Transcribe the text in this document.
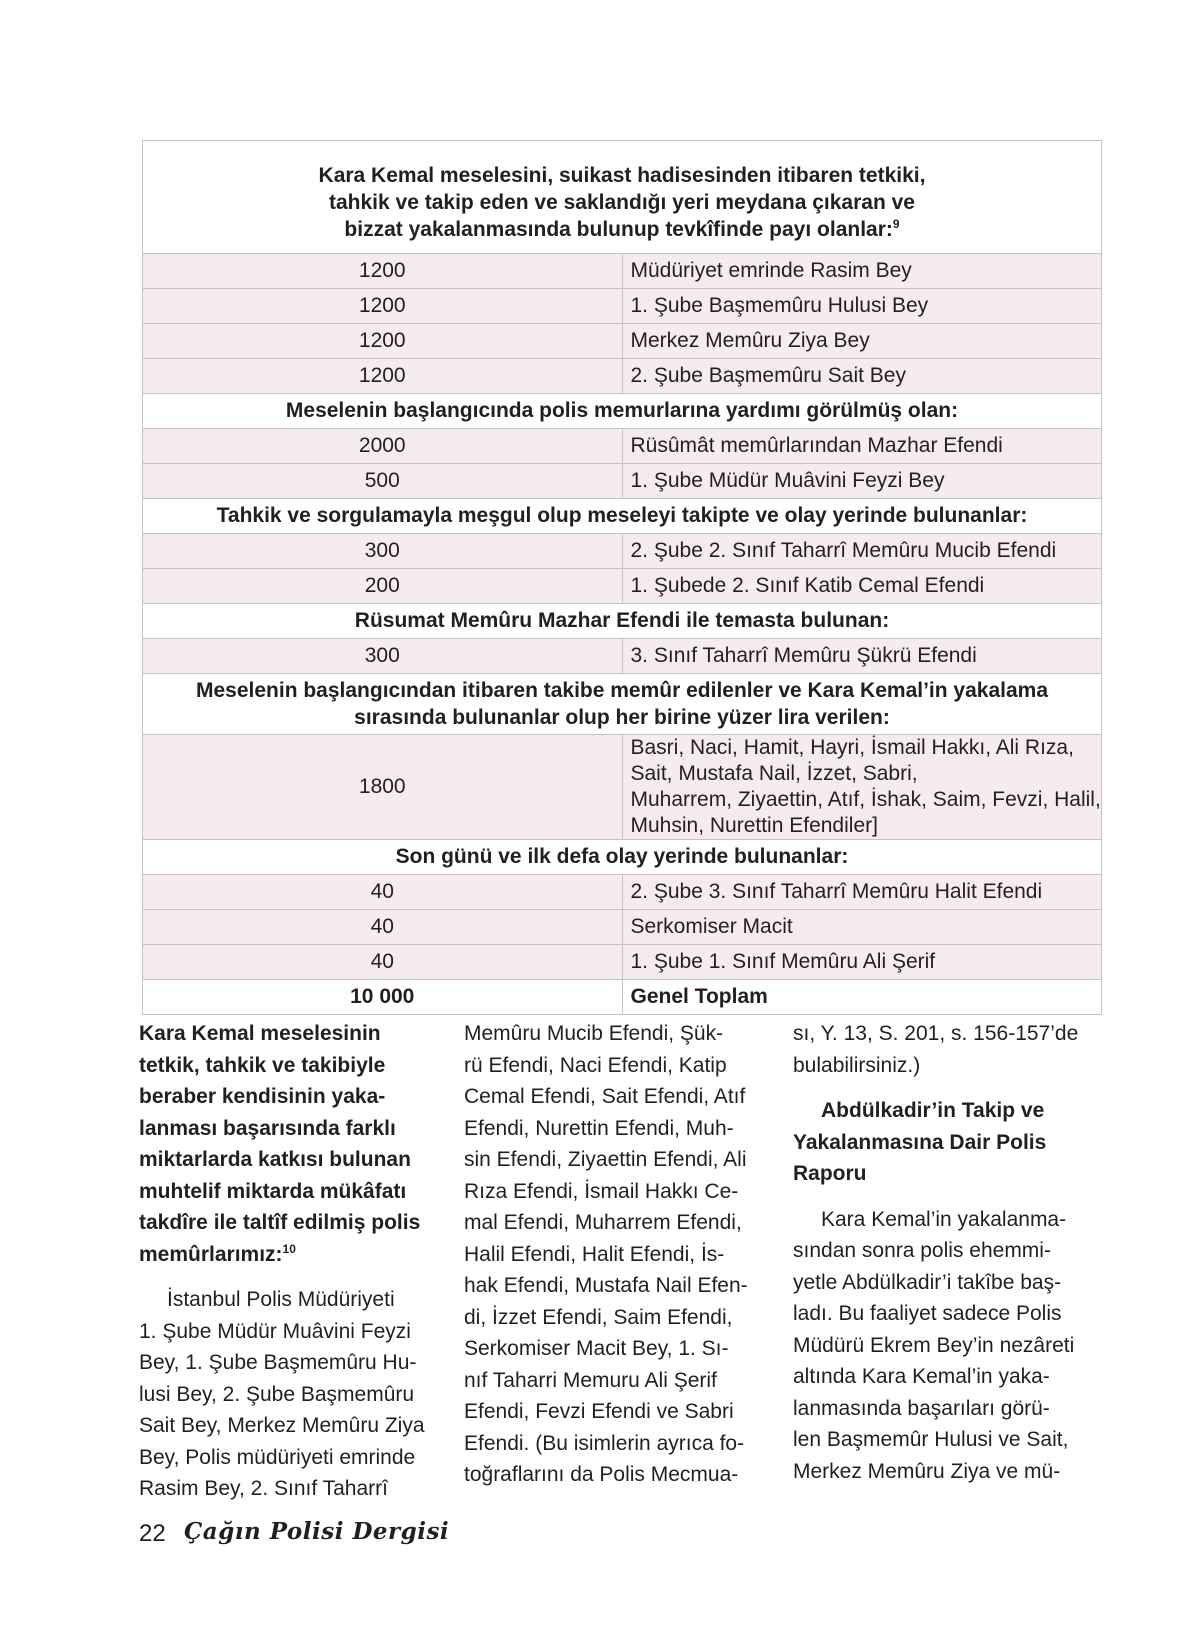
Kara Kemal meselesini, suikast hadisesinden itibaren tetkiki,
tahkik ve takip eden ve saklandığı yeri meydana çıkaran ve
bizzat yakalanmasında bulunup tevkîfinde payı olanlar:$^9$
1200	Müdüriyet emrinde Rasim Bey
1200	1. Şube Başmemûru Hulusi Bey
1200	Merkez Memûru Ziya Bey
1200	2. Şube Başmemûru Sait Bey
Meselenin başlangıcında polis memurlarına yardımı görülmüş olan:	
2000	Rüsûmât memûrlarından Mazhar Efendi
500	1. Şube Müdür Muâvini Feyzi Bey
Tahkik ve sorgulamayla meşgul olup meseleyi takipte ve olay yerinde bulunanlar:	
300	2. Şube 2. Sınıf Taharrî Memûru Mucib Efendi
200	1. Şubede 2. Sınıf Katib Cemal Efendi
Rüsumat Memûru Mazhar Efendi ile temasta bulunan:	
300	3. Sınıf Taharrî Memûru Şükrü Efendi
Meselenin başlangıcından itibaren takibe memûr edilenler ve Kara Kemal’in yakalama
sırasında bulunanlar olup her birine yüzer lira verilen:	
1800	Basri, Naci, Hamit, Hayri, İsmail Hakkı, Ali Rıza, Sait, Mustafa Nail, İzzet, Sabri,
Muharrem, Ziyaettin, Atıf, İshak, Saim, Fevzi, Halil, Muhsin, Nurettin Efendiler]
Son günü ve ilk defa olay yerinde bulunanlar:	
40	2. Şube 3. Sınıf Taharrî Memûru Halit Efendi
40	Serkomiser Macit
40	1. Şube 1. Sınıf Memûru Ali Şerif
10 000	Genel Toplam

Kara Kemal meselesinin
tetkik, tahkik ve takibiyle
beraber kendisinin yaka-
lanması başarısında farklı
miktarlarda katkısı bulunan
muhtelif miktarda mükâfatı
takdîre ile taltîf edilmiş polis
memûrlarımız:$^{10}$

İstanbul Polis Müdüriyeti
1. Şube Müdür Muâvini Feyzi
Bey, 1. Şube Başmemûru Hu-
lusi Bey, 2. Şube Başmemûru
Sait Bey, Merkez Memûru Ziya
Bey, Polis müdüriyeti emrinde
Rasim Bey, 2. Sınıf Taharrî

Memûru Mucib Efendi, Şük-
rü Efendi, Naci Efendi, Katip
Cemal Efendi, Sait Efendi, Atıf
Efendi, Nurettin Efendi, Muh-
sin Efendi, Ziyaettin Efendi, Ali
Rıza Efendi, İsmail Hakkı Ce-
mal Efendi, Muharrem Efendi,
Halil Efendi, Halit Efendi, İs-
hak Efendi, Mustafa Nail Efen-
di, İzzet Efendi, Saim Efendi,
Serkomiser Macit Bey, 1. Sı-
nıf Taharri Memuru Ali Şerif
Efendi, Fevzi Efendi ve Sabri
Efendi. (Bu isimlerin ayrıca fo-
toğraflarını da Polis Mecmua-

sı, Y. 13, S. 201, s. 156-157’de
bulabilirsiniz.)

Abdülkadir’in Takip ve
Yakalanmasına Dair Polis
Raporu

Kara Kemal’in yakalanma-
sından sonra polis ehemmi-
yetle Abdülkadir’i takîbe baş-
ladı. Bu faaliyet sadece Polis
Müdürü Ekrem Bey’in nezâreti
altında Kara Kemal’in yaka-
lanmasında başarıları görü-
len Başmemûr Hulusi ve Sait,
Merkez Memûru Ziya ve mü-

22 Çağın Polisi Dergisi
